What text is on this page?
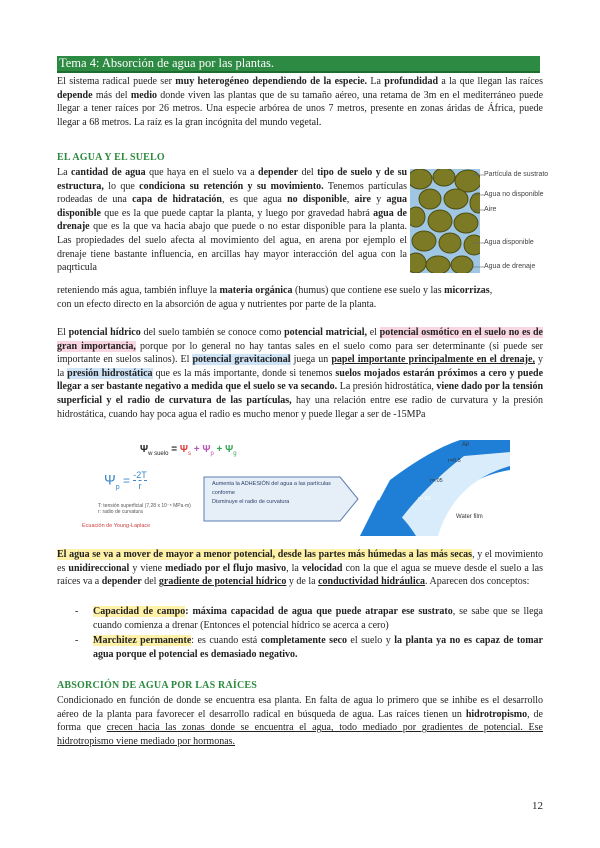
Tema 4: Absorción de agua por las plantas.

El sistema radical puede ser muy heterogéneo dependiendo de la especie. La profundidad a la que llegan las raíces depende más del medio donde viven las plantas que de su tamaño aéreo, una retama de 3m en el mediterráneo puede llegar a tener raíces por 26 metros. Una especie arbórea de unos 7 metros, presente en zonas áridas de África, puede llegar a 68 metros. La raíz es la gran incógnita del mundo vegetal.

EL AGUA Y EL SUELO

La cantidad de agua que haya en el suelo va a depender del tipo de suelo y de su estructura, lo que condiciona su retención y su movimiento. Tenemos partículas rodeadas de una capa de hidratación, es que agua no disponible, aire y agua disponible que es la que puede captar la planta, y luego por gravedad habrá agua de drenaje que es la que va hacia abajo que puede o no estar disponible para la planta. Las propiedades del suelo afecta al movimiento del agua, en arena por ejemplo el drenaje tiene bastante influencia, en arcillas hay mayor interacción del agua con la paqrticula

reteniendo más agua, también influye la materia orgánica (humus) que contiene ese suelo y las micorrizas,
con un efecto directo en la absorción de agua y nutrientes por parte de la planta.

Partícula de sustrato
Agua no disponible
Aire
Agua disponible
Agua de drenaje

El potencial hídrico del suelo también se conoce como potencial matricial, el potencial osmótico en el suelo no es de gran importancia, porque por lo general no hay tantas sales en el suelo como para ser determinante (si puede ser importante en suelos salinos). El potencial gravitacional juega un papel importante principalmente en el drenaje, y la presión hidrostática que es la más importante, donde si tenemos suelos mojados estarán próximos a cero y puede llegar a ser bastante negativo a medida que el suelo se va secando. La presión hidrostática, viene dado por la tensión superficial y el radio de curvatura de las partículas, hay una relación entre ese radio de curvatura y la presión hidrostática, cuando hay poca agua el radio es mucho menor y puede llegar a ser de -15MPa

$\Psi_{w suelo} = \Psi_s + \Psi_p + \Psi_g$
$\Psi_p = \frac{-2T}{r}$
T: tensión superficial (7,28 x 10⁻⁸ MPa·m)
r: radio de curvatura
Ecuación de Young-Laplace
Aumenta la ADHESIÓN del agua a las partículas
conforme
Disminuye el radio de curvatura
Air
r=0.5
r=.05
r=.01
Water film

El agua se va a mover de mayor a menor potencial, desde las partes más húmedas a las más secas, y el movimiento es unidireccional y viene mediado por el flujo masivo, la velocidad con la que el agua se mueve desde el suelo a las raíces va a depender del gradiente de potencial hídrico y de la conductividad hidráulica. Aparecen dos conceptos:

- Capacidad de campo: máxima capacidad de agua que puede atrapar ese sustrato, se sabe que se llega cuando comienza a drenar (Entonces el potencial hídrico se acerca a cero)
- Marchitez permanente: es cuando está completamente seco el suelo y la planta ya no es capaz de tomar agua porque el potencial es demasiado negativo.
ABSORCIÓN DE AGUA POR LAS RAÍCES

Condicionado en función de donde se encuentra esa planta. En falta de agua lo primero que se inhibe es el desarrollo aéreo de la planta para favorecer el desarrollo radical en búsqueda de agua. Las raíces tienen un hidrotropismo, de forma que crecen hacia las zonas donde se encuentra el agua, todo mediado por gradientes de potencial. Ese hidrotropismo viene mediado por hormonas.

12
